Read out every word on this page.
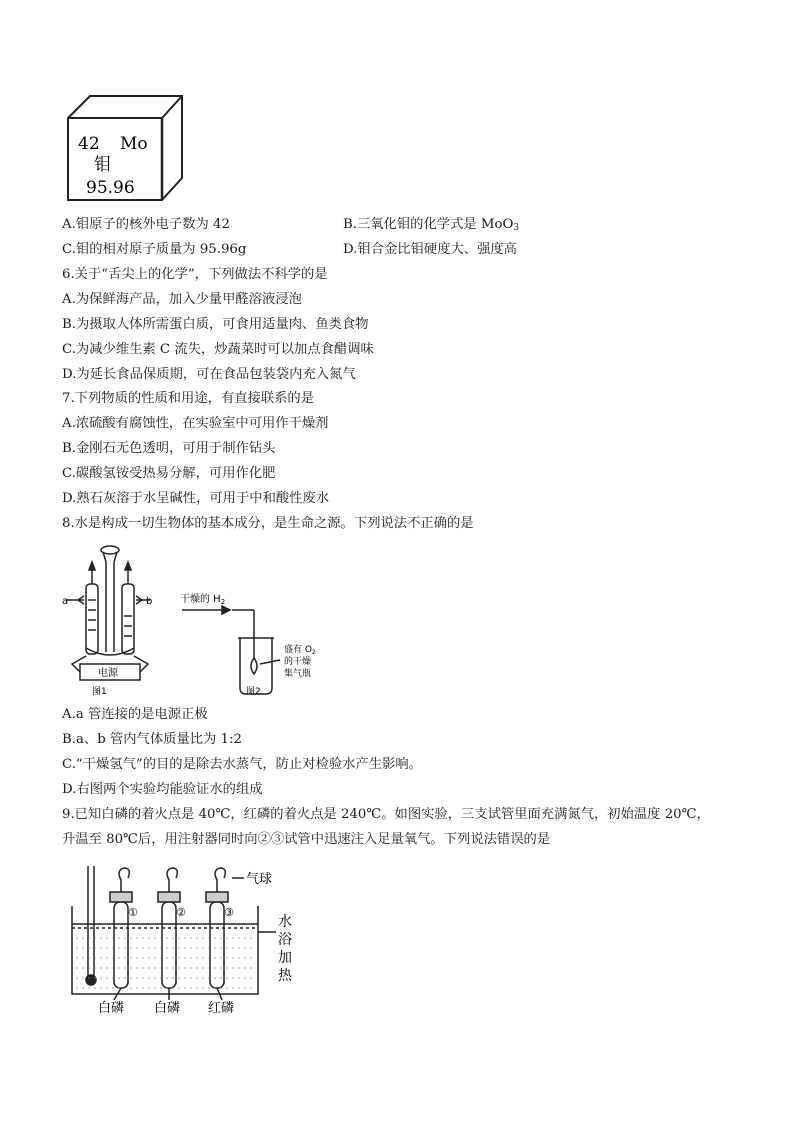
42 Mo
钼
95.96
A.钼原子的核外电子数为 42	B.三氧化钼的化学式是 MoO$_3$
C.钼的相对原子质量为 95.96g	D.钼合金比钼硬度大、强度高
6.关于“舌尖上的化学”，下列做法不科学的是
A.为保鲜海产品，加入少量甲醛溶液浸泡
B.为摄取人体所需蛋白质，可食用适量肉、鱼类食物
C.为减少维生素 C 流失，炒蔬菜时可以加点食醋调味
D.为延长食品保质期，可在食品包装袋内充入氮气
7.下列物质的性质和用途，有直接联系的是
A.浓硫酸有腐蚀性，在实验室中可用作干燥剂
B.金刚石无色透明，可用于制作钻头
C.碳酸氢铵受热易分解，可用作化肥
D.熟石灰溶于水呈碱性，可用于中和酸性废水
8.水是构成一切生物体的基本成分，是生命之源。下列说法不正确的是
a	b
电源
图1
干燥的 $H_2$
盛有 $O_2$
的干燥
集气瓶
图2
A.a 管连接的是电源正极
B.a、b 管内气体质量比为 1:2
C.“干燥氢气”的目的是除去水蒸气，防止对检验水产生影响。
D.右图两个实验均能验证水的组成
9.已知白磷的着火点是 40℃，红磷的着火点是 240℃。如图实验，三支试管里面充满氮气，初始温度 20℃，
升温至 80℃后，用注射器同时向②③试管中迅速注入足量氧气。下列说法错误的是
气球
①	②	③
水
浴
加
热
白磷 白磷 红磷
